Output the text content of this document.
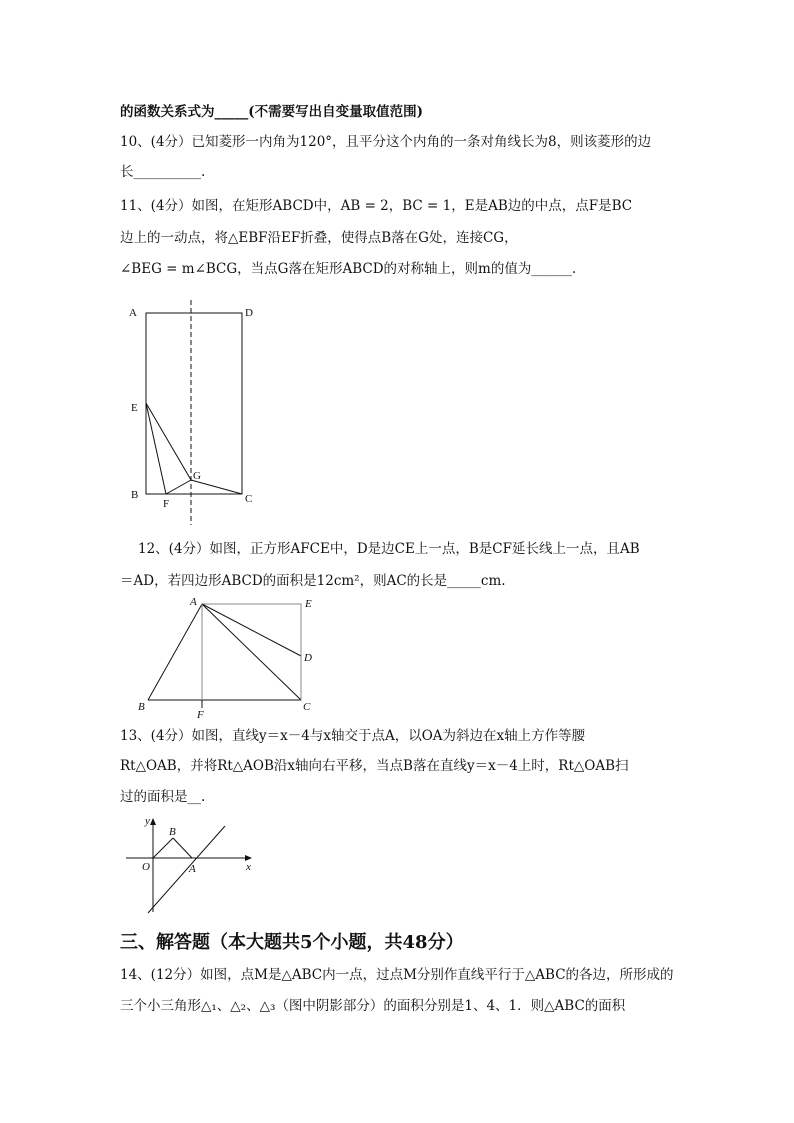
的函数关系式为_____(不需要写出自变量取值范围)
10、(4分）已知菱形一内角为120°，且平分这个内角的一条对角线长为8，则该菱形的边
长__________.
11、(4分）如图，在矩形ABCD中，AB = 2，BC = 1，E是AB边的中点，点F是BC
边上的一动点，将△EBF沿EF折叠，使得点B落在G处，连接CG，
∠BEG = m∠BCG，当点G落在矩形ABCD的对称轴上，则m的值为______.
A	D
E
G
B
F	C
12、(4分）如图，正方形AFCE中，D是边CE上一点，B是CF延长线上一点，且AB
＝AD，若四边形ABCD的面积是12cm²，则AC的长是_____cm.
A	E
D
B
F
C
13、(4分）如图，直线y＝x－4与x轴交于点A，以OA为斜边在x轴上方作等腰
Rt△OAB，并将Rt△AOB沿x轴向右平移，当点B落在直线y＝x－4上时，Rt△OAB扫
过的面积是__.
y
B
O	A	x
三、解答题（本大题共5个小题，共48分）
14、(12分）如图，点M是△ABC内一点，过点M分别作直线平行于△ABC的各边，所形成的
三个小三角形△₁、△₂、△₃（图中阴影部分）的面积分别是1、4、1．则△ABC的面积
